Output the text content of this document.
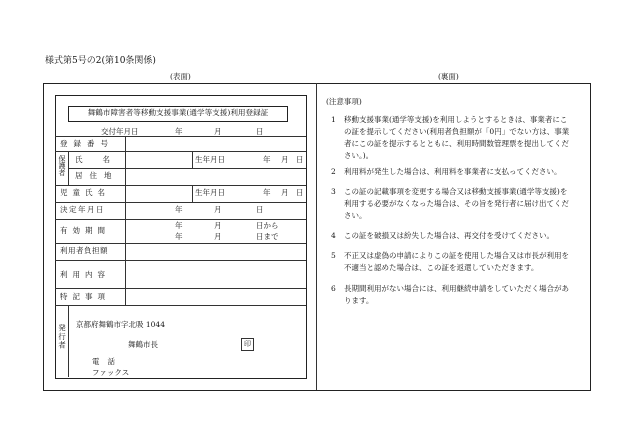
様式第5号の2(第10条関係)
(表面)	(裏面)
舞鶴市障害者等移動支援事業(通学等支援)利用登録証
交付年月日	年	月	日
登録番号
保護者 氏名	生年月日	年 月 日
居住地
児童氏名	生年月日	年 月 日
決定年月日	年	月	日
有効期間
年	月	日から
年	月	日まで
利用者負担額
利用内容
特記事項
発行者 京都府舞鶴市字北吸 1044
舞鶴市長	印
電話
ファックス
(注意事項)
1	移動支援事業(通学等支援)を利用しようとするときは、事業者にこの証を提示してください(利用者負担額が「0円」でない方は、事業者にこの証を提示するとともに、利用時間数管理票を提出してください。)。
2	利用料が発生した場合は、利用料を事業者に支払ってください。
3	この証の記載事項を変更する場合又は移動支援事業(通学等支援)を利用する必要がなくなった場合は、その旨を発行者に届け出てください。
4	この証を破損又は紛失した場合は、再交付を受けてください。
5	不正又は虚偽の申請によりこの証を使用した場合又は市長が利用を不適当と認めた場合は、この証を返還していただきます。
6	長期間利用がない場合には、利用継続申請をしていただく場合があります。
